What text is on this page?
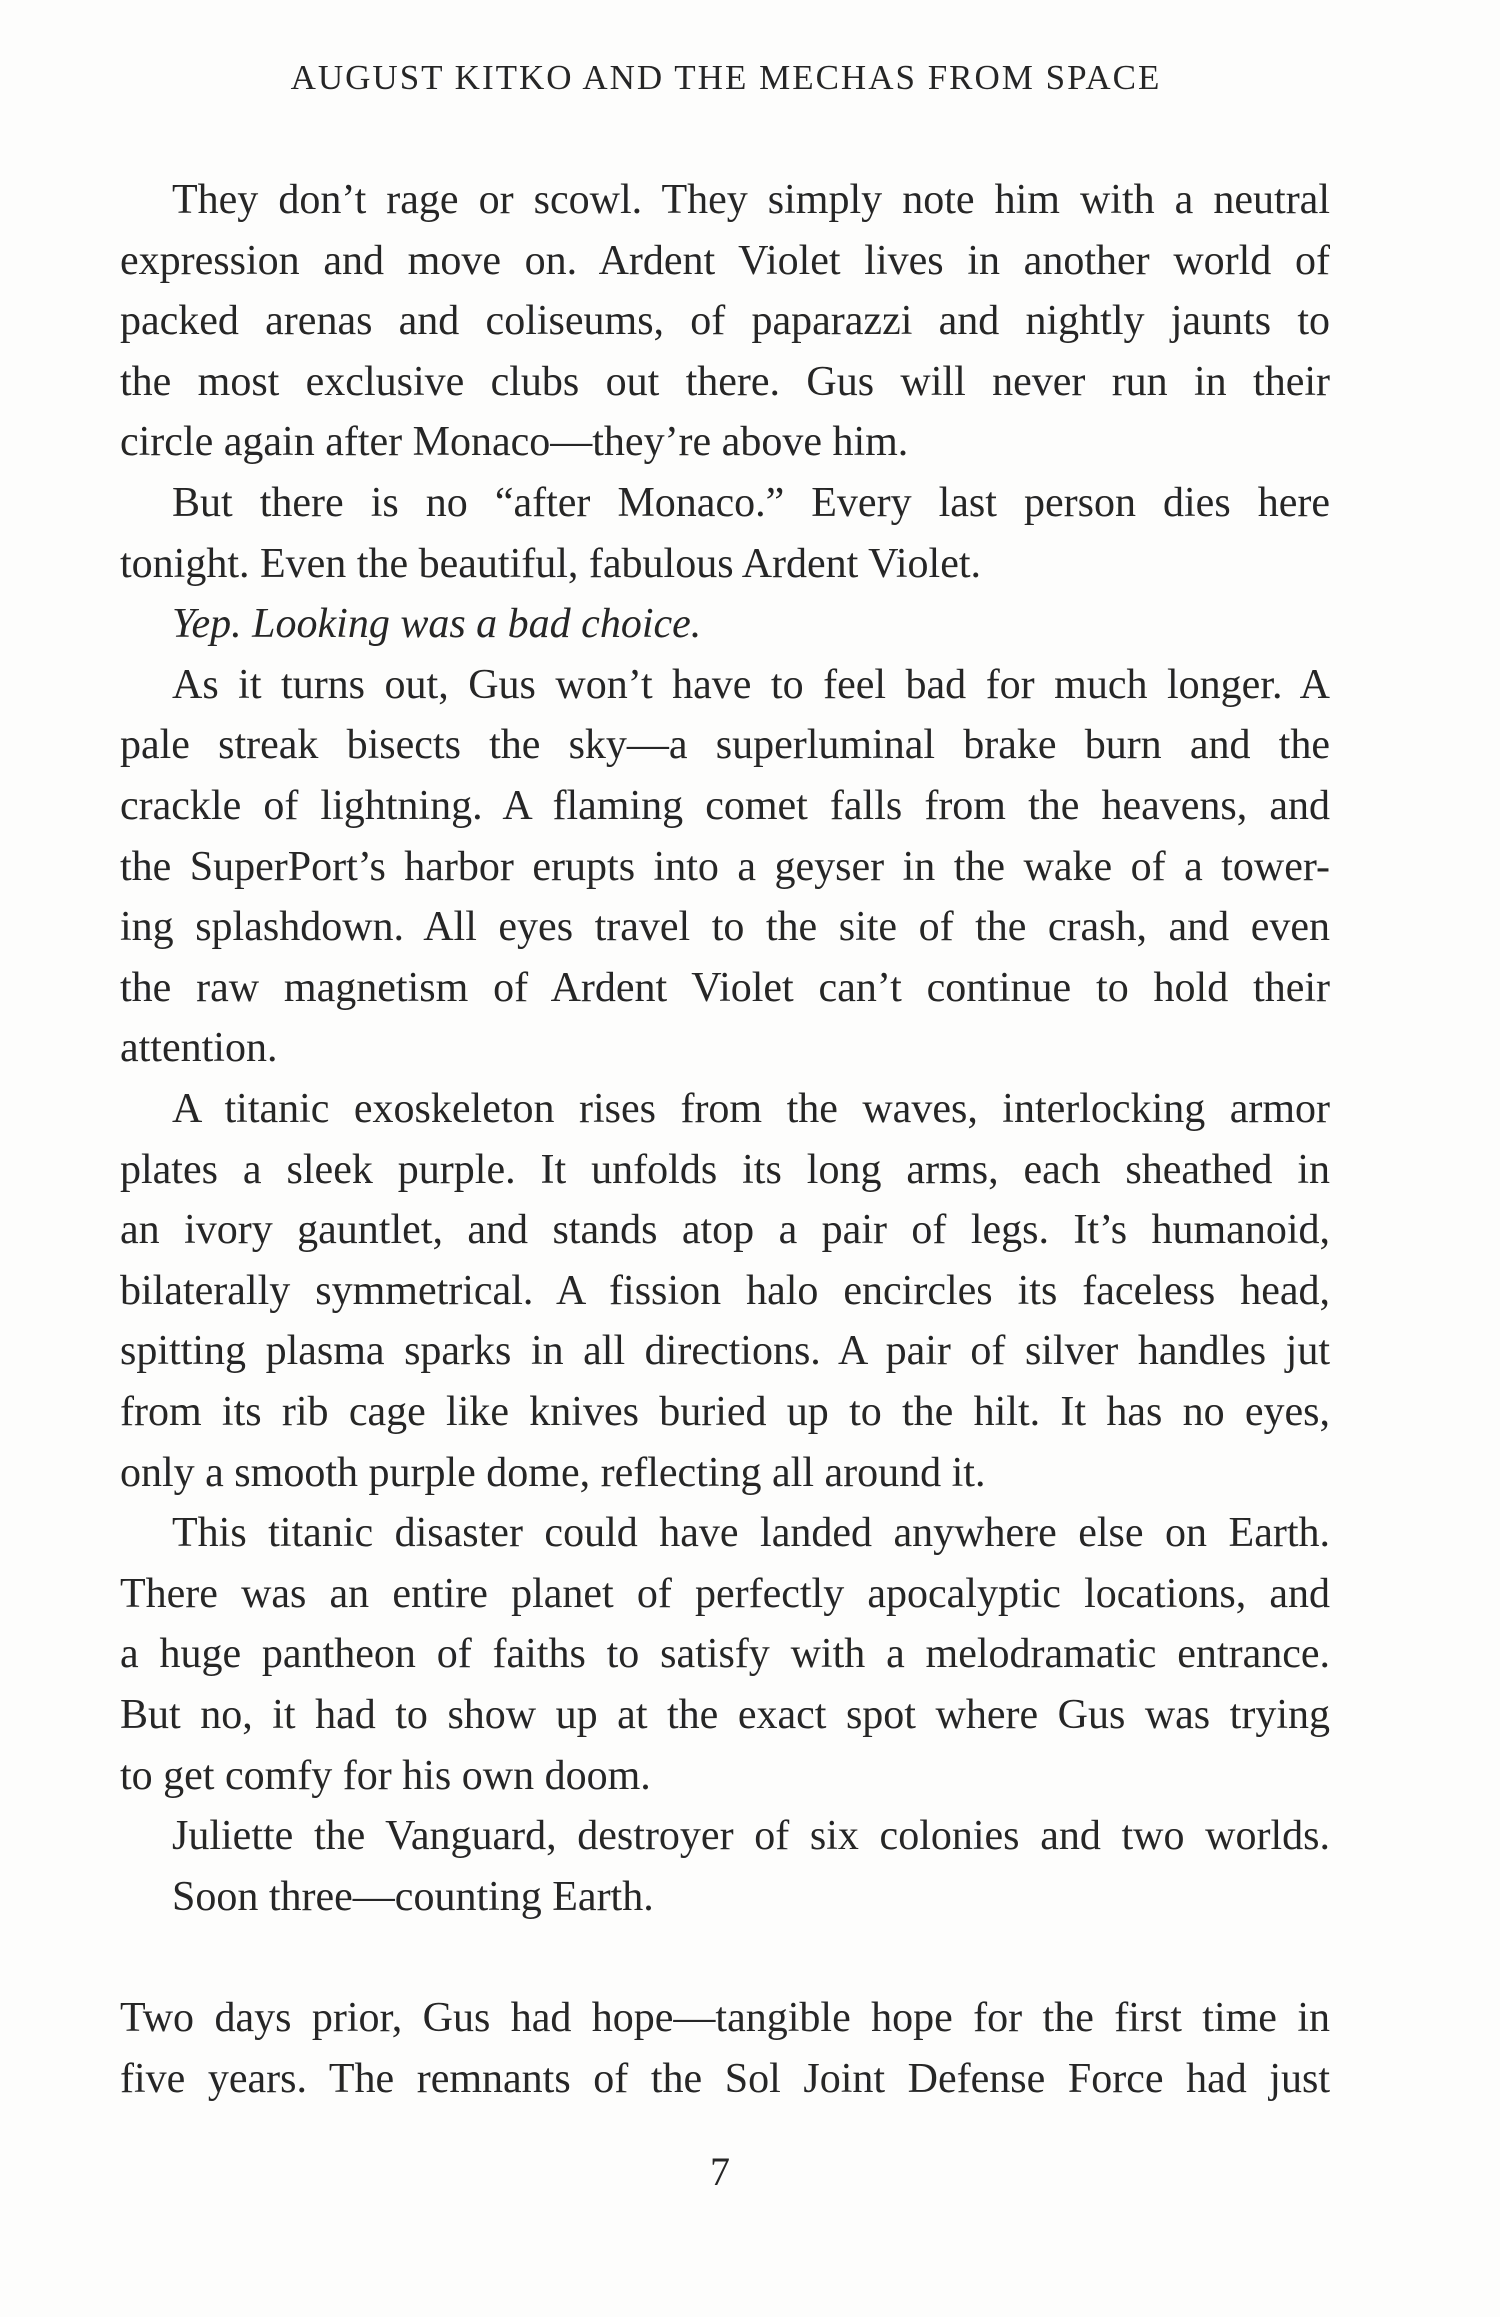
AUGUST KITKO AND THE MECHAS FROM SPACE
They don’t rage or scowl. They simply note him with a neutral
expression and move on. Ardent Violet lives in another world of
packed arenas and coliseums, of paparazzi and nightly jaunts to
the most exclusive clubs out there. Gus will never run in their
circle again after Monaco—they’re above him.
But there is no “after Monaco.” Every last person dies here
tonight. Even the beautiful, fabulous Ardent Violet.
Yep. Looking was a bad choice.
As it turns out, Gus won’t have to feel bad for much longer. A
pale streak bisects the sky—a superluminal brake burn and the
crackle of lightning. A flaming comet falls from the heavens, and
the SuperPort’s harbor erupts into a geyser in the wake of a tower-
ing splashdown. All eyes travel to the site of the crash, and even
the raw magnetism of Ardent Violet can’t continue to hold their
attention.
A titanic exoskeleton rises from the waves, interlocking armor
plates a sleek purple. It unfolds its long arms, each sheathed in
an ivory gauntlet, and stands atop a pair of legs. It’s humanoid,
bilaterally symmetrical. A fission halo encircles its faceless head,
spitting plasma sparks in all directions. A pair of silver handles jut
from its rib cage like knives buried up to the hilt. It has no eyes,
only a smooth purple dome, reflecting all around it.
This titanic disaster could have landed anywhere else on Earth.
There was an entire planet of perfectly apocalyptic locations, and
a huge pantheon of faiths to satisfy with a melodramatic entrance.
But no, it had to show up at the exact spot where Gus was trying
to get comfy for his own doom.
Juliette the Vanguard, destroyer of six colonies and two worlds.
Soon three—counting Earth.
Two days prior, Gus had hope—tangible hope for the first time in
five years. The remnants of the Sol Joint Defense Force had just
7
